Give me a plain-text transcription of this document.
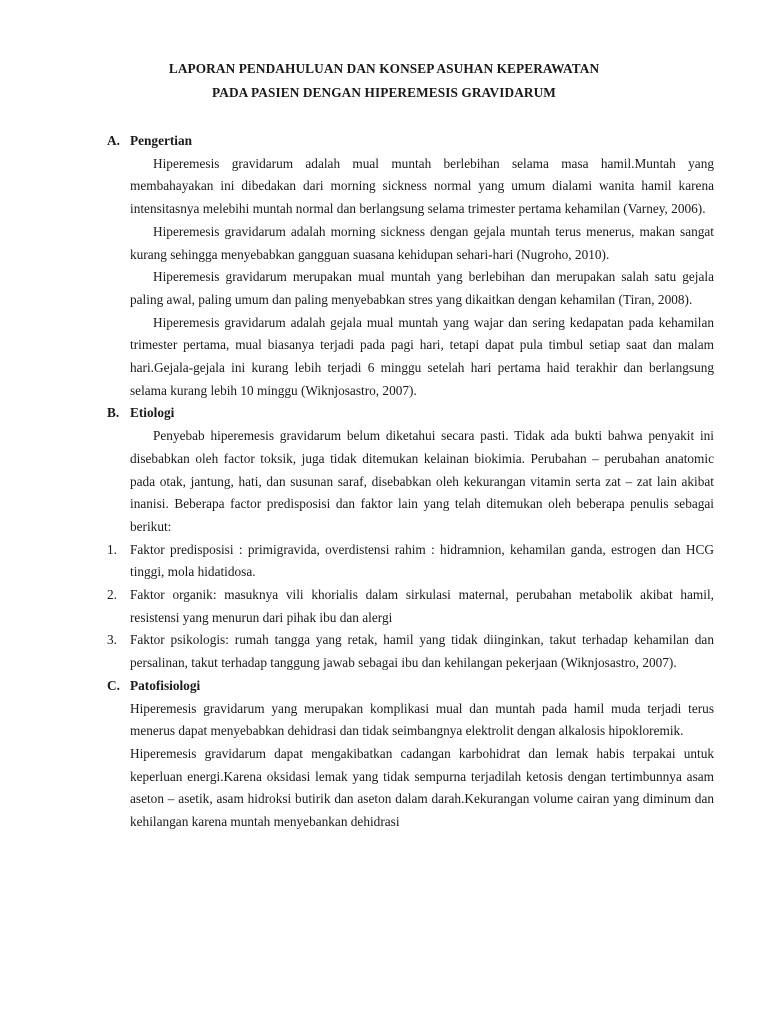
LAPORAN PENDAHULUAN DAN KONSEP ASUHAN KEPERAWATAN
PADA PASIEN DENGAN HIPEREMESIS GRAVIDARUM
A. Pengertian

Hiperemesis gravidarum adalah mual muntah berlebihan selama masa hamil.Muntah yang membahayakan ini dibedakan dari morning sickness normal yang umum dialami wanita hamil karena intensitasnya melebihi muntah normal dan berlangsung selama trimester pertama kehamilan (Varney, 2006).

Hiperemesis gravidarum adalah morning sickness dengan gejala muntah terus menerus, makan sangat kurang sehingga menyebabkan gangguan suasana kehidupan sehari-hari (Nugroho, 2010).

Hiperemesis gravidarum merupakan mual muntah yang berlebihan dan merupakan salah satu gejala paling awal, paling umum dan paling menyebabkan stres yang dikaitkan dengan kehamilan (Tiran, 2008).

Hiperemesis gravidarum adalah gejala mual muntah yang wajar dan sering kedapatan pada kehamilan trimester pertama, mual biasanya terjadi pada pagi hari, tetapi dapat pula timbul setiap saat dan malam hari.Gejala-gejala ini kurang lebih terjadi 6 minggu setelah hari pertama haid terakhir dan berlangsung selama kurang lebih 10 minggu (Wiknjosastro, 2007).

B. Etiologi

Penyebab hiperemesis gravidarum belum diketahui secara pasti. Tidak ada bukti bahwa penyakit ini disebabkan oleh factor toksik, juga tidak ditemukan kelainan biokimia. Perubahan – perubahan anatomic pada otak, jantung, hati, dan susunan saraf, disebabkan oleh kekurangan vitamin serta zat – zat lain akibat inanisi. Beberapa factor predisposisi dan faktor lain yang telah ditemukan oleh beberapa penulis sebagai berikut:

1. Faktor predisposisi : primigravida, overdistensi rahim : hidramnion, kehamilan ganda, estrogen dan HCG tinggi, mola hidatidosa.
2. Faktor organik: masuknya vili khorialis dalam sirkulasi maternal, perubahan metabolik akibat hamil, resistensi yang menurun dari pihak ibu dan alergi
3. Faktor psikologis: rumah tangga yang retak, hamil yang tidak diinginkan, takut terhadap kehamilan dan persalinan, takut terhadap tanggung jawab sebagai ibu dan kehilangan pekerjaan (Wiknjosastro, 2007).
C. Patofisiologi

Hiperemesis gravidarum yang merupakan komplikasi mual dan muntah pada hamil muda terjadi terus menerus dapat menyebabkan dehidrasi dan tidak seimbangnya elektrolit dengan alkalosis hipokloremik.

Hiperemesis gravidarum dapat mengakibatkan cadangan karbohidrat dan lemak habis terpakai untuk keperluan energi.Karena oksidasi lemak yang tidak sempurna terjadilah ketosis dengan tertimbunnya asam aseton – asetik, asam hidroksi butirik dan aseton dalam darah.Kekurangan volume cairan yang diminum dan kehilangan karena muntah menyebankan dehidrasi
